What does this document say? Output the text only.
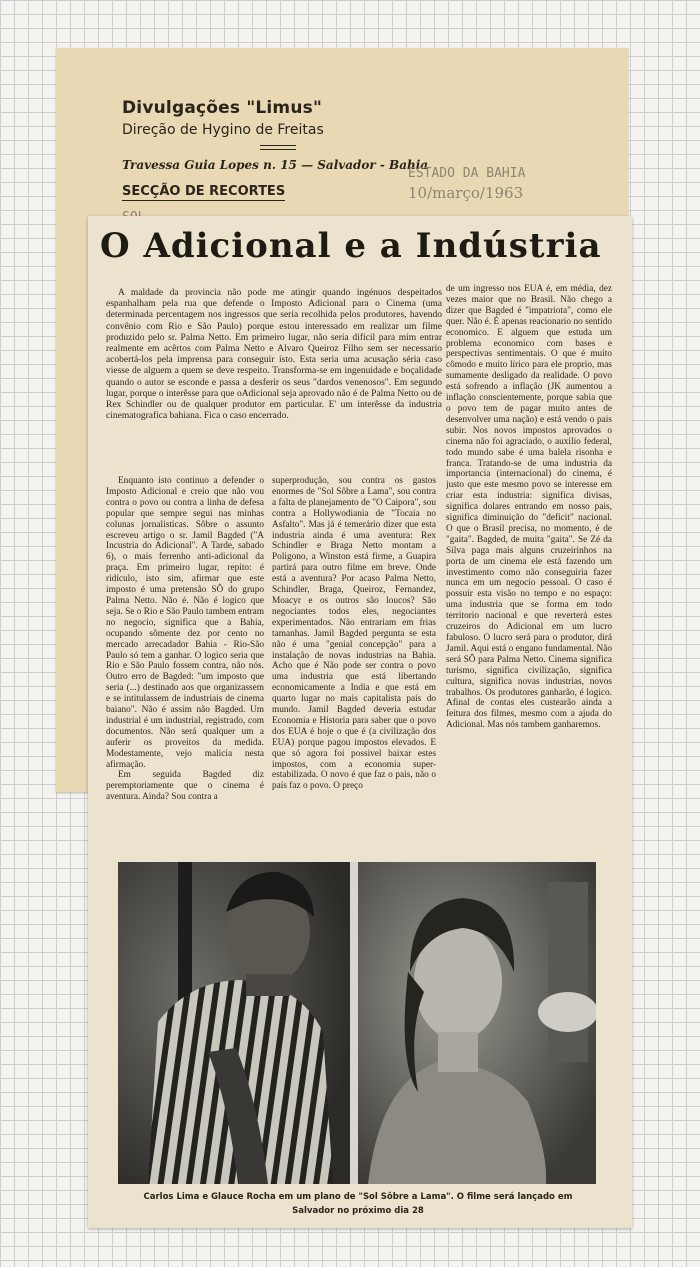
Divulgações "Limus"
Direção de Hygino de Freitas
Travessa Guia Lopes n. 15 — Salvador - Bahia
SECÇÃO DE RECORTES
ESTADO DA BAHIA
10/março/1963
O Adicional e a Indústria

A maldade da provincia não pode me atingir quando ingénuos despeitados espanhalham pela rua que defende o Imposto Adicional para o Cinema (uma determinada percentagem nos ingressos que seria recolhida pelos produtores, havendo convênio com Rio e São Paulo) porque estou interessado em realizar um filme produzido pelo sr. Palma Netto. Em primeiro lugar, não seria difícil para mim entrar realmente em acêrtos com Palma Netto e Alvaro Queiroz Filho sem ser necessario acobertá-los pela imprensa para conseguir isto. Esta seria uma acusação séria caso viesse de alguem a quem se deve respeito. Transforma-se em ingenuidade e boçalidade quando o autor se esconde e passa a desferir os seus "dardos venenosos". Em segundo lugar, porque o interêsse para que oAdicional seja aprovado não é de Palma Netto ou de Rex Schindler ou de qualquer produtor em particular. E' um interêsse da industria cinematografica bahiana. Fica o caso encerrado.

Enquanto isto continuo a defender o Imposto Adicional e creio que não vou contra o povo ou contra a linha de defesa popular que sempre segui nas minhas colunas jornalisticas. Sôbre o assunto escreveu artigo o sr. Jamil Bagded ("A Incustria do Adicional". A Tarde, sabado 6), o mais ferrenho anti-adicional da praça. Em primeiro lugar, repito: é ridículo, isto sim, afirmar que este imposto é uma pretensão SÔ do grupo Palma Netto. Não é. Não é logico que seja. Se o Rio e São Paulo tambem entram no negocio, significa que a Bahia, ocupando sômente dez por cento no mercado arrecadador Bahia - Rio-São Paulo só tem a ganhar. O logico seria que Rio e São Paulo fossem contra, não nós. Outro erro de Bagded: "um imposto que seria (...) destinado aos que organizassem e se intitulassem de industriais de cinema baiano". Não é assim não Bagded. Um industrial é um industrial, registrado, com documentos. Não será qualquer um a auferir os proveitos da medida. Modestamente, vejo malicia nesta afirmação.

Em seguida Bagded diz peremptoriamente que o cinema é aventura. Ainda? Sou contra a

superprodução, sou contra os gastos enormes de "Sol Sôbre a Lama", sou contra a falta de planejamento de "O Caipora", sou contra a Hollywodianiа de "Tocaia no Asfalto". Mas já é temerário dizer que esta industria ainda é uma aventura: Rex Schindler e Braga Netto montam a Poligono, a Winston está firme, a Guapira partirá para outro filme em breve. Onde está a aventura? Por acaso Palma Netto, Schindler, Braga, Queiroz, Fernandez, Moacyr e os outros são loucos? São negociantes todos eles, negociantes experimentados. Não entrariam em frias tamanhas. Jamil Bagded pergunta se esta não é uma "genial concepção" para a instalação de novas industrias na Bahia. Acho que é Não pode ser contra o povo uma industria que está libertando economicamente a India e que está em quarto lugar no mais capitalista país do mundo. Jamil Bagded deveria estudar Economia e Historia para saber que o povo dos EUA é hoje o que é (a civilização dos EUA) porque pagou impostos elevados. E que só agora foi possivel baixar estes impostos, com a economia super-estabilizada. O novo é que faz o pais, não o país faz o povo. O preço

de um ingresso nos EUA é, em média, dez vezes maior que no Brasil. Não chego a dizer que Bagded é "impatriota", como ele quer. Não é. É apenas reacionario no sentido economico. E alguem que estuda um problema economico com bases e perspectivas sentimentais. O que é muito cômodo e muito lírico para ele proprio, mas sumamente desligado da realidade. O povo está sofrendo a inflação (JK aumentou a inflação conscientemente, porque sabia que o povo tem de pagar muito antes de desenvolver uma nação) e está vendo o pais subir. Nos novos impostos aprovados o cinema não foi agraciado, o auxilio federal, todo mundo sabe é uma balela risonha e franca. Tratando-se de uma industria da importancia (internacional) do cinema, é justo que este mesmo povo se interesse em criar esta industria: significa divisas, significa dolares entrando em nosso pais, significa diminuição do "deficit" nacional. O que o Brasil precisa, no momento, é de "gaita". Bagded, de muita "gaita". Se Zé da Silva paga mais alguns cruzeirinhos na porta de um cinema ele está fazendo um investimento como não conseguiria fazer nunca em um negocio pessoal. O caso é possuir esta visão no tempo e no espaço: uma industria que se forma em todo territorio nacional e que reverterá estes cruzeiros do Adicional em um lucro fabuloso. O lucro será para o produtor, dirá Jamil. Aqui está o engano fundamental. Não será SÔ para Palma Netto. Cinema significa turismo, significa civilização, significa cultura, significa novas industrias, novos trabalhos. Os produtores ganharão, é logico. Afinal de contas eles custearão ainda a feitura dos filmes, mesmo com a ajuda do Adicional. Mas nós tambem ganharemos.

Carlos Lima e Glauce Rocha em um plano de "Sol Sôbre a Lama". O filme será lançado em
Salvador no próximo dia 28
